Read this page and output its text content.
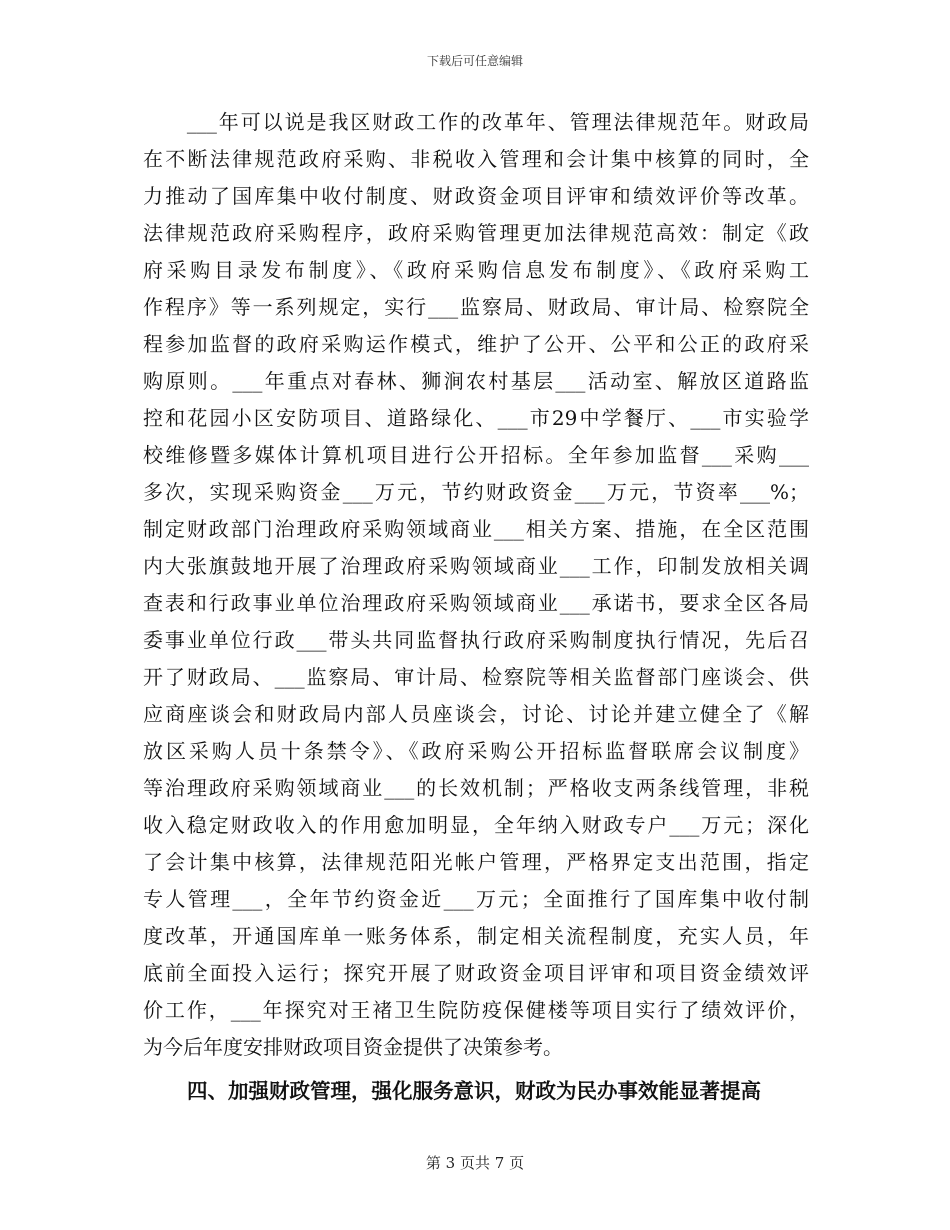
下载后可任意编辑
　　___年可以说是我区财政工作的改革年、管理法律规范年。财政局
在不断法律规范政府采购、非税收入管理和会计集中核算的同时，全
力推动了国库集中收付制度、财政资金项目评审和绩效评价等改革。
法律规范政府采购程序，政府采购管理更加法律规范高效：制定《政
府采购目录发布制度》、《政府采购信息发布制度》、《政府采购工
作程序》等一系列规定，实行___监察局、财政局、审计局、检察院全
程参加监督的政府采购运作模式，维护了公开、公平和公正的政府采
购原则。___年重点对春林、狮涧农村基层___活动室、解放区道路监
控和花园小区安防项目、道路绿化、___市29中学餐厅、___市实验学
校维修暨多媒体计算机项目进行公开招标。全年参加监督___采购___
多次，实现采购资金___万元，节约财政资金___万元，节资率___%；
制定财政部门治理政府采购领域商业___相关方案、措施，在全区范围
内大张旗鼓地开展了治理政府采购领域商业___工作，印制发放相关调
查表和行政事业单位治理政府采购领域商业___承诺书，要求全区各局
委事业单位行政___带头共同监督执行政府采购制度执行情况，先后召
开了财政局、___监察局、审计局、检察院等相关监督部门座谈会、供
应商座谈会和财政局内部人员座谈会，讨论、讨论并建立健全了《解
放区采购人员十条禁令》、《政府采购公开招标监督联席会议制度》
等治理政府采购领域商业___的长效机制；严格收支两条线管理，非税
收入稳定财政收入的作用愈加明显，全年纳入财政专户___万元；深化
了会计集中核算，法律规范阳光帐户管理，严格界定支出范围，指定
专人管理___，全年节约资金近___万元；全面推行了国库集中收付制
度改革，开通国库单一账务体系，制定相关流程制度，充实人员，年
底前全面投入运行；探究开展了财政资金项目评审和项目资金绩效评
价工作，___年探究对王褚卫生院防疫保健楼等项目实行了绩效评价，
为今后年度安排财政项目资金提供了决策参考。
四、加强财政管理，强化服务意识，财政为民办事效能显著提高
第 3 页共 7 页
